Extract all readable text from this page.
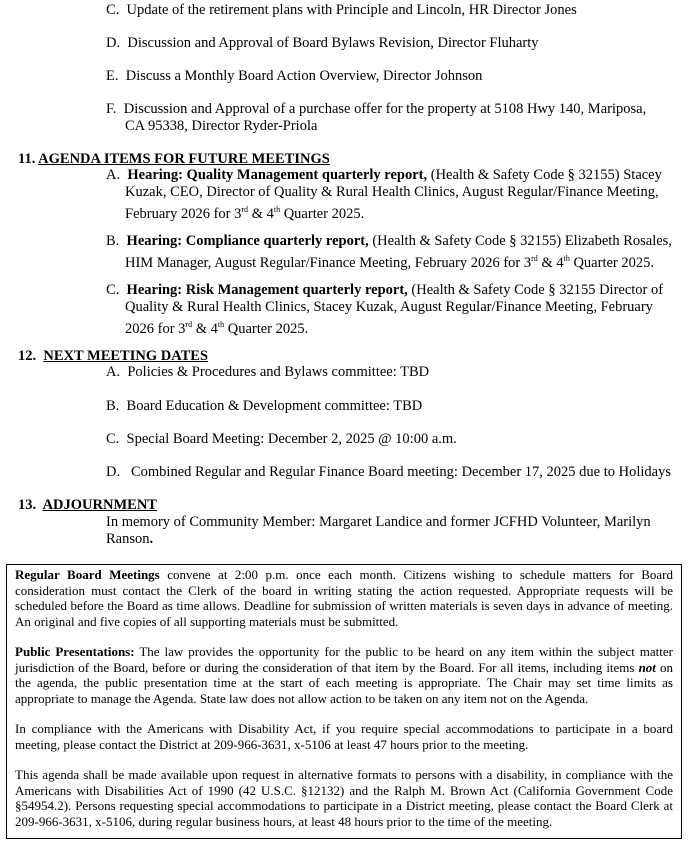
C. Update of the retirement plans with Principle and Lincoln, HR Director Jones
D. Discussion and Approval of Board Bylaws Revision, Director Fluharty
E. Discuss a Monthly Board Action Overview, Director Johnson
F. Discussion and Approval of a purchase offer for the property at 5108 Hwy 140, Mariposa, CA 95338, Director Ryder-Priola
11. AGENDA ITEMS FOR FUTURE MEETINGS
A. Hearing: Quality Management quarterly report, (Health & Safety Code § 32155) Stacey Kuzak, CEO, Director of Quality & Rural Health Clinics, August Regular/Finance Meeting, February 2026 for 3rd & 4th Quarter 2025.
B. Hearing: Compliance quarterly report, (Health & Safety Code § 32155) Elizabeth Rosales, HIM Manager, August Regular/Finance Meeting, February 2026 for 3rd & 4th Quarter 2025.
C. Hearing: Risk Management quarterly report, (Health & Safety Code § 32155 Director of Quality & Rural Health Clinics, Stacey Kuzak, August Regular/Finance Meeting, February 2026 for 3rd & 4th Quarter 2025.
12. NEXT MEETING DATES
A. Policies & Procedures and Bylaws committee: TBD
B. Board Education & Development committee: TBD
C. Special Board Meeting: December 2, 2025 @ 10:00 a.m.
D. Combined Regular and Regular Finance Board meeting: December 17, 2025 due to Holidays
13. ADJOURNMENT
In memory of Community Member: Margaret Landice and former JCFHD Volunteer, Marilyn Ranson.

Regular Board Meetings convene at 2:00 p.m. once each month. Citizens wishing to schedule matters for Board consideration must contact the Clerk of the board in writing stating the action requested. Appropriate requests will be scheduled before the Board as time allows. Deadline for submission of written materials is seven days in advance of meeting. An original and five copies of all supporting materials must be submitted.

Public Presentations: The law provides the opportunity for the public to be heard on any item within the subject matter jurisdiction of the Board, before or during the consideration of that item by the Board. For all items, including items not on the agenda, the public presentation time at the start of each meeting is appropriate. The Chair may set time limits as appropriate to manage the Agenda. State law does not allow action to be taken on any item not on the Agenda.

In compliance with the Americans with Disability Act, if you require special accommodations to participate in a board meeting, please contact the District at 209-966-3631, x-5106 at least 47 hours prior to the meeting.

This agenda shall be made available upon request in alternative formats to persons with a disability, in compliance with the Americans with Disabilities Act of 1990 (42 U.S.C. §12132) and the Ralph M. Brown Act (California Government Code §54954.2). Persons requesting special accommodations to participate in a District meeting, please contact the Board Clerk at 209-966-3631, x-5106, during regular business hours, at least 48 hours prior to the time of the meeting.
